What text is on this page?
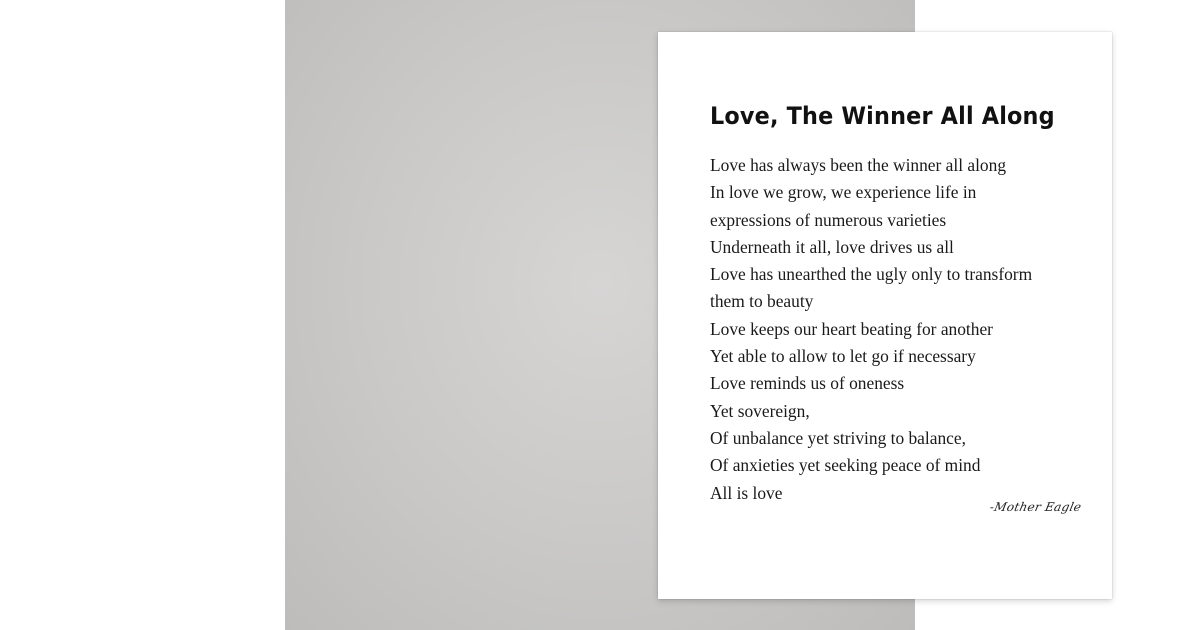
Love, The Winner All Along
Love has always been the winner all along
In love we grow, we experience life in
expressions of numerous varieties
Underneath it all, love drives us all
Love has unearthed the ugly only to transform
them to beauty
Love keeps our heart beating for another
Yet able to allow to let go if necessary
Love reminds us of oneness
Yet sovereign,
Of unbalance yet striving to balance,
Of anxieties yet seeking peace of mind
All is love
-Mother Eagle
